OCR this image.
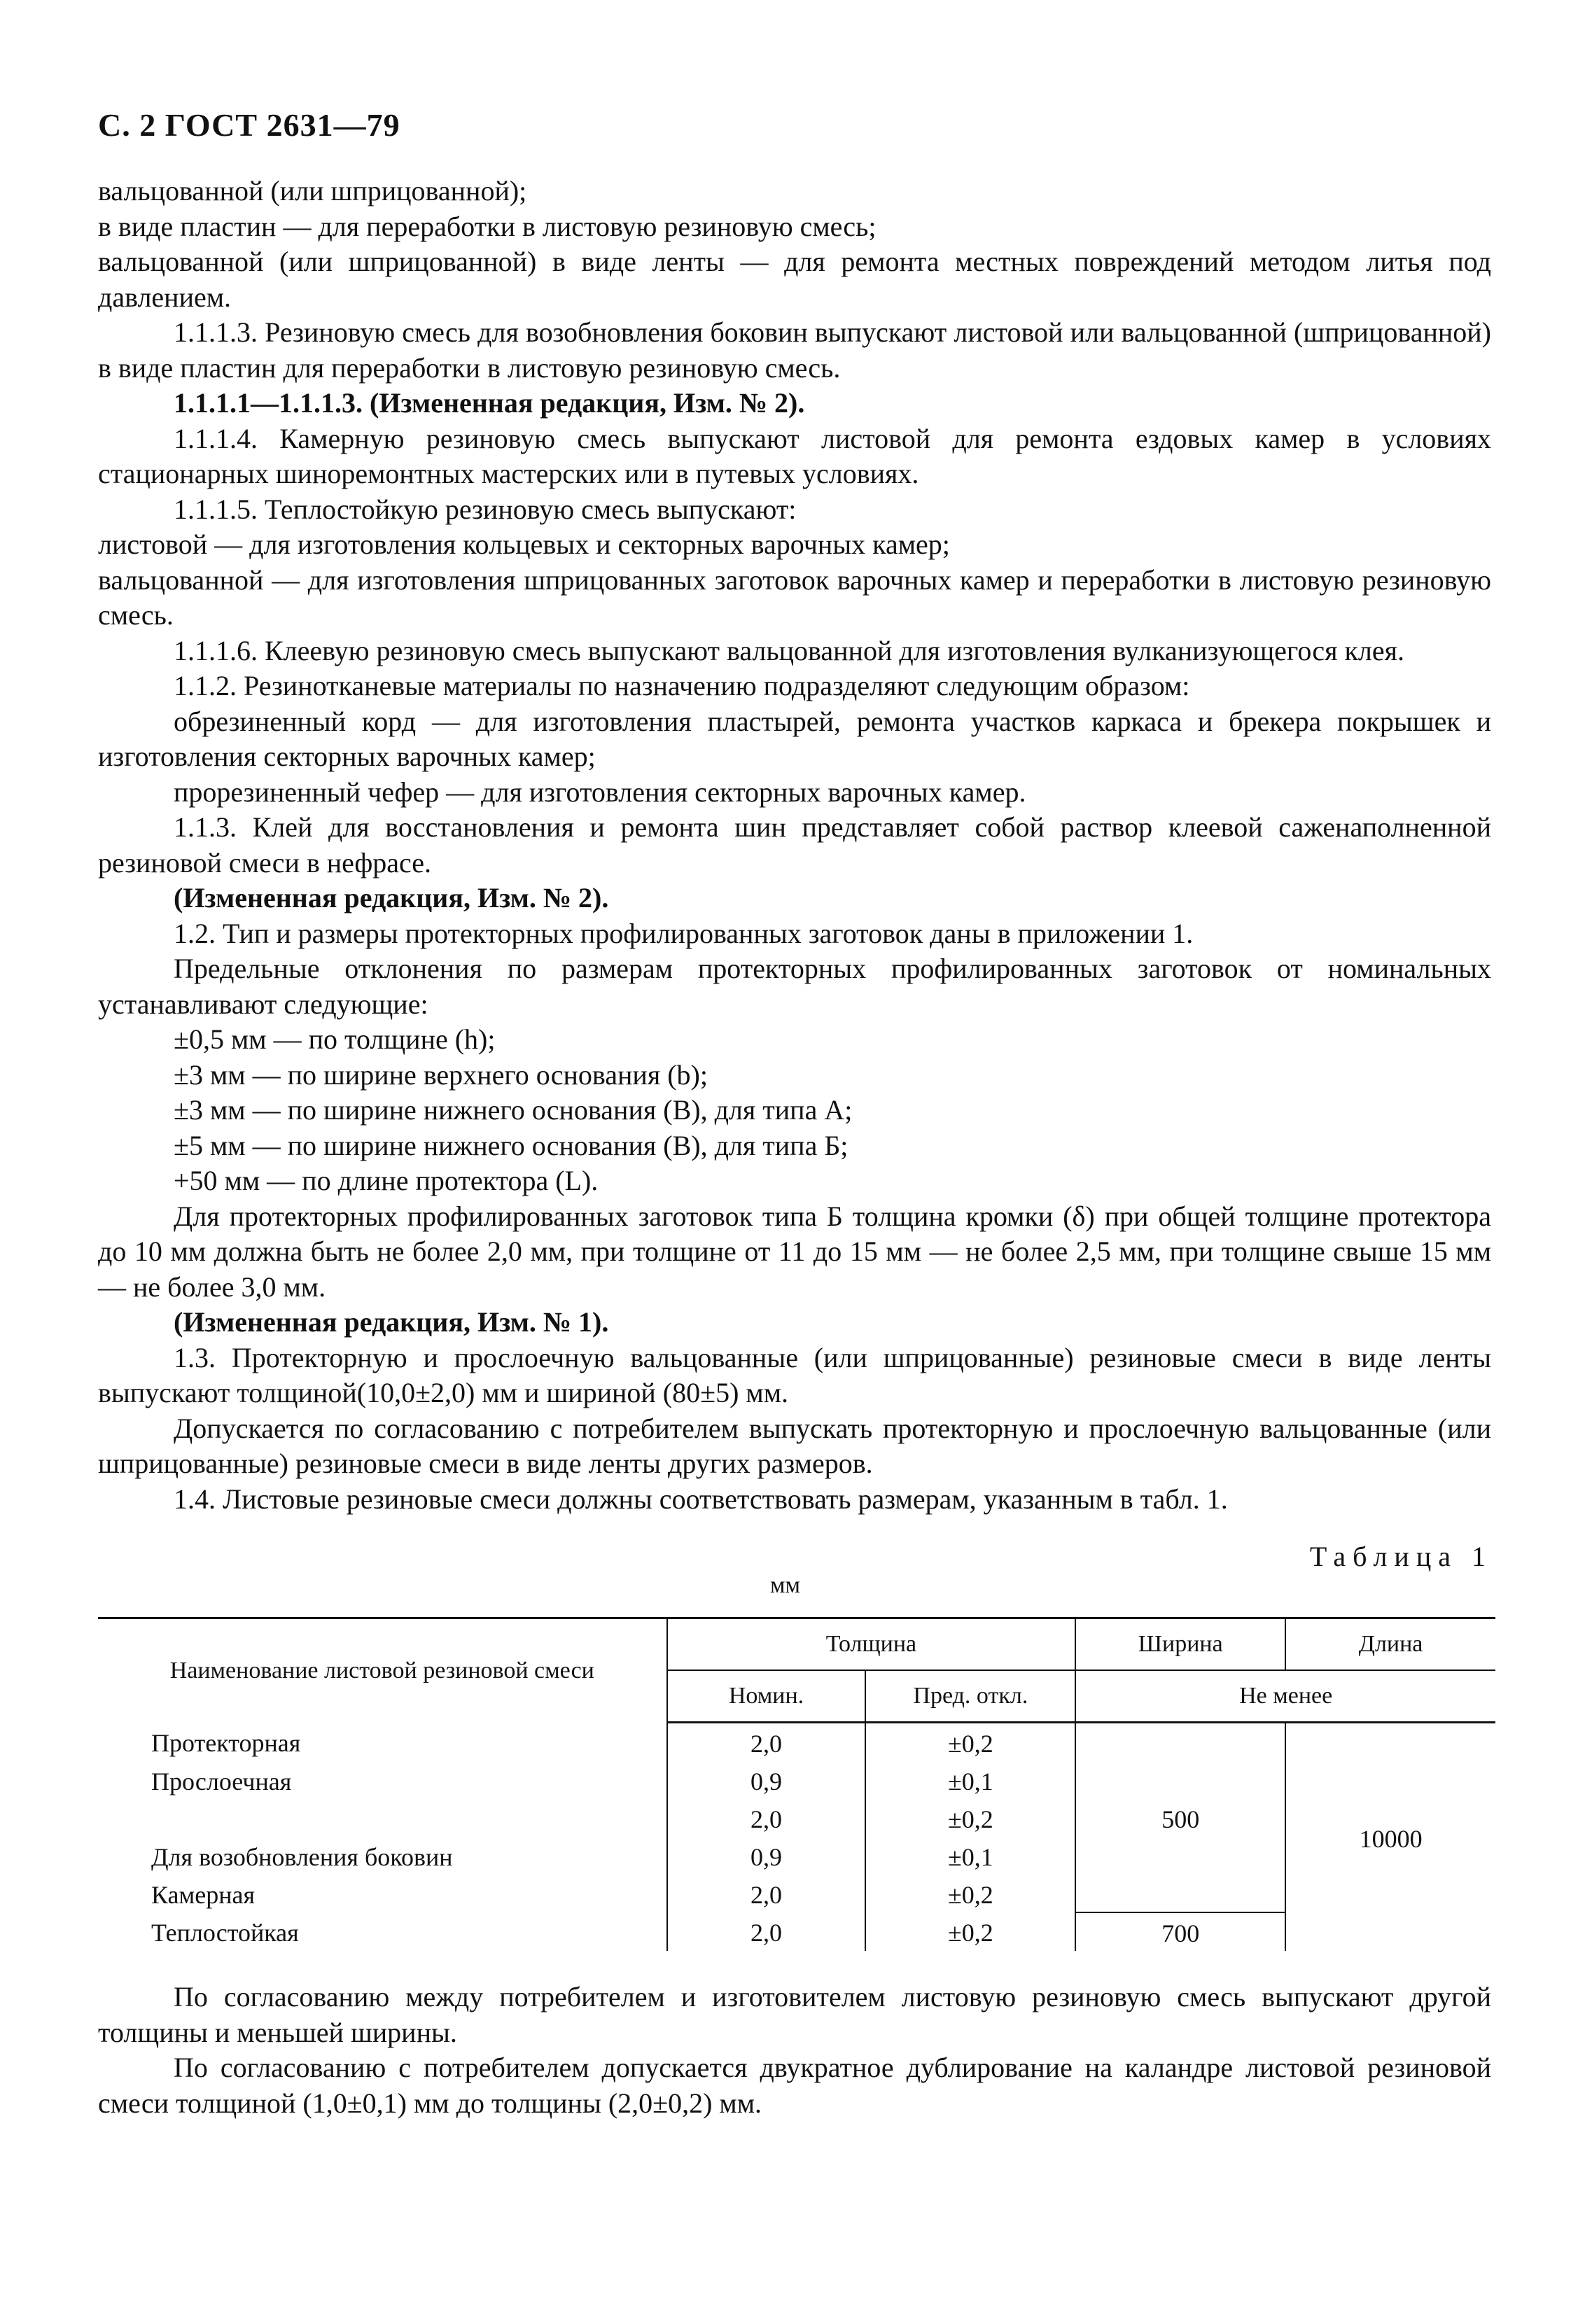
С. 2 ГОСТ 2631—79

вальцованной (или шприцованной);

в виде пластин — для переработки в листовую резиновую смесь;

вальцованной (или шприцованной) в виде ленты — для ремонта местных повреждений методом литья под давлением.

1.1.1.3. Резиновую смесь для возобновления боковин выпускают листовой или вальцованной (шприцованной) в виде пластин для переработки в листовую резиновую смесь.

1.1.1.1—1.1.1.3. (Измененная редакция, Изм. № 2).

1.1.1.4. Камерную резиновую смесь выпускают листовой для ремонта ездовых камер в условиях стационарных шиноремонтных мастерских или в путевых условиях.

1.1.1.5. Теплостойкую резиновую смесь выпускают:

листовой — для изготовления кольцевых и секторных варочных камер;

вальцованной — для изготовления шприцованных заготовок варочных камер и переработки в листовую резиновую смесь.

1.1.1.6. Клеевую резиновую смесь выпускают вальцованной для изготовления вулканизующегося клея.

1.1.2. Резинотканевые материалы по назначению подразделяют следующим образом:

обрезиненный корд — для изготовления пластырей, ремонта участков каркаса и брекера покрышек и изготовления секторных варочных камер;

прорезиненный чефер — для изготовления секторных варочных камер.

1.1.3. Клей для восстановления и ремонта шин представляет собой раствор клеевой саженаполненной резиновой смеси в нефрасе.

(Измененная редакция, Изм. № 2).

1.2. Тип и размеры протекторных профилированных заготовок даны в приложении 1.

Предельные отклонения по размерам протекторных профилированных заготовок от номинальных устанавливают следующие:

±0,5 мм — по толщине (h);

±3 мм — по ширине верхнего основания (b);

±3 мм — по ширине нижнего основания (B), для типа А;

±5 мм — по ширине нижнего основания (B), для типа Б;

+50 мм — по длине протектора (L).

Для протекторных профилированных заготовок типа Б толщина кромки (δ) при общей толщине протектора до 10 мм должна быть не более 2,0 мм, при толщине от 11 до 15 мм — не более 2,5 мм, при толщине свыше 15 мм — не более 3,0 мм.

(Измененная редакция, Изм. № 1).

1.3. Протекторную и прослоечную вальцованные (или шприцованные) резиновые смеси в виде ленты выпускают толщиной(10,0±2,0) мм и шириной (80±5) мм.

Допускается по согласованию с потребителем выпускать протекторную и прослоечную вальцованные (или шприцованные) резиновые смеси в виде ленты других размеров.

1.4. Листовые резиновые смеси должны соответствовать размерам, указанным в табл. 1.

Таблица 1
мм
Наименование листовой резиновой смеси	Толщина		Ширина	Длина
	Номин.	Пред. откл.	Не менее	
Протекторная	2,0	±0,2	500	10000
Прослоечная	0,9	±0,1		
	2,0	±0,2		
Для возобновления боковин	0,9	±0,1		
Камерная	2,0	±0,2		
Теплостойкая	2,0	±0,2	700	

По согласованию между потребителем и изготовителем листовую резиновую смесь выпускают другой толщины и меньшей ширины.

По согласованию с потребителем допускается двукратное дублирование на каландре листовой резиновой смеси толщиной (1,0±0,1) мм до толщины (2,0±0,2) мм.
